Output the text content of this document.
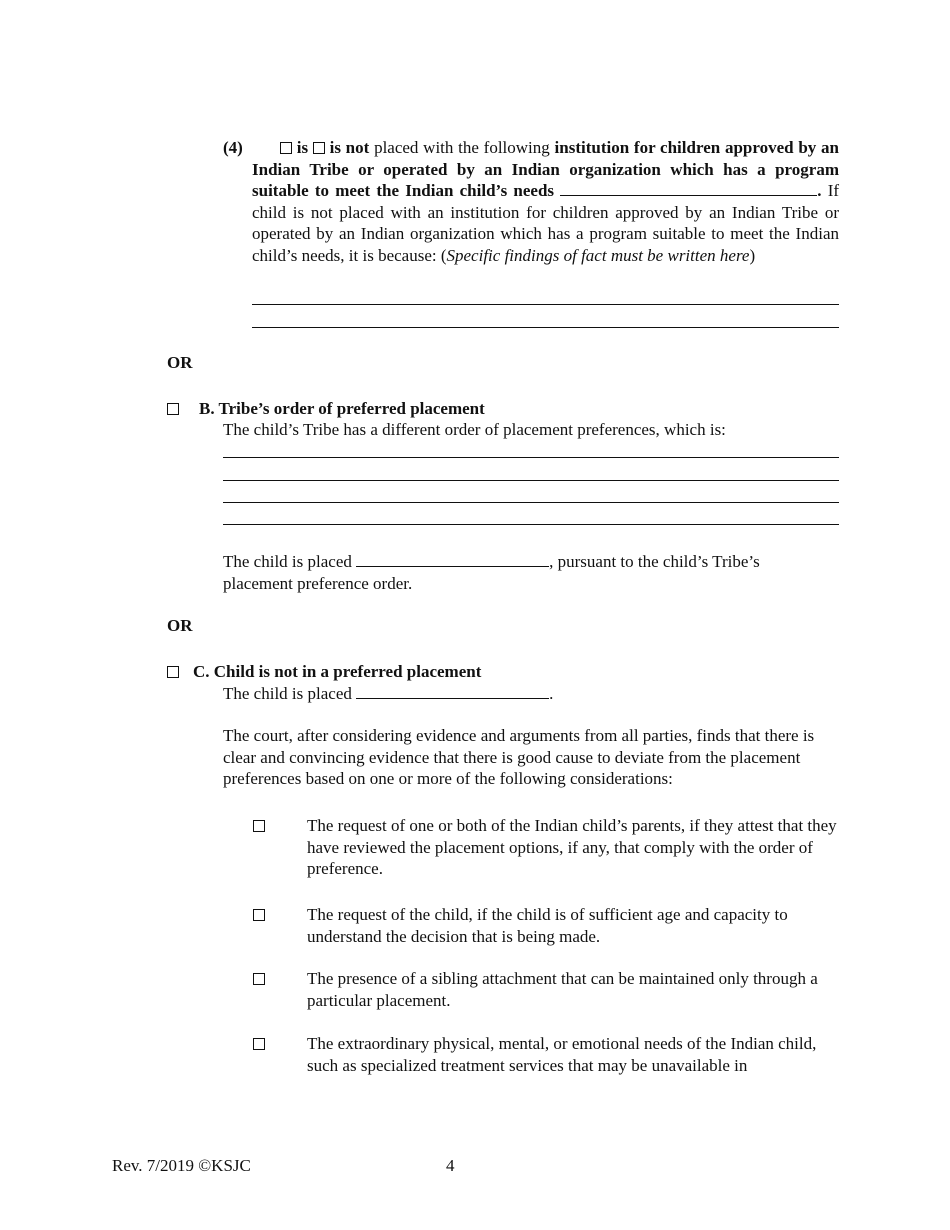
(4)	is is not placed with the following institution for children approved by an Indian Tribe or operated by an Indian organization which has a program suitable to meet the Indian child’s needs	. If child is not placed with an institution for children approved by an Indian Tribe or operated by an Indian organization which has a program suitable to meet the Indian child’s needs, it is because: (Specific findings of fact must be written here)
OR
B. Tribe’s order of preferred placement
The child’s Tribe has a different order of placement preferences, which is:
The child is placed	, pursuant to the child’s Tribe’s
placement preference order.
OR
C. Child is not in a preferred placement
The child is placed	.
The court, after considering evidence and arguments from all parties, finds that there is clear and convincing evidence that there is good cause to deviate from the placement preferences based on one or more of the following considerations:
The request of one or both of the Indian child’s parents, if they attest that they have reviewed the placement options, if any, that comply with the order of preference.
The request of the child, if the child is of sufficient age and capacity to understand the decision that is being made.
The presence of a sibling attachment that can be maintained only through a particular placement.
The extraordinary physical, mental, or emotional needs of the Indian child, such as specialized treatment services that may be unavailable in
Rev. 7/2019 ©KSJC	4
